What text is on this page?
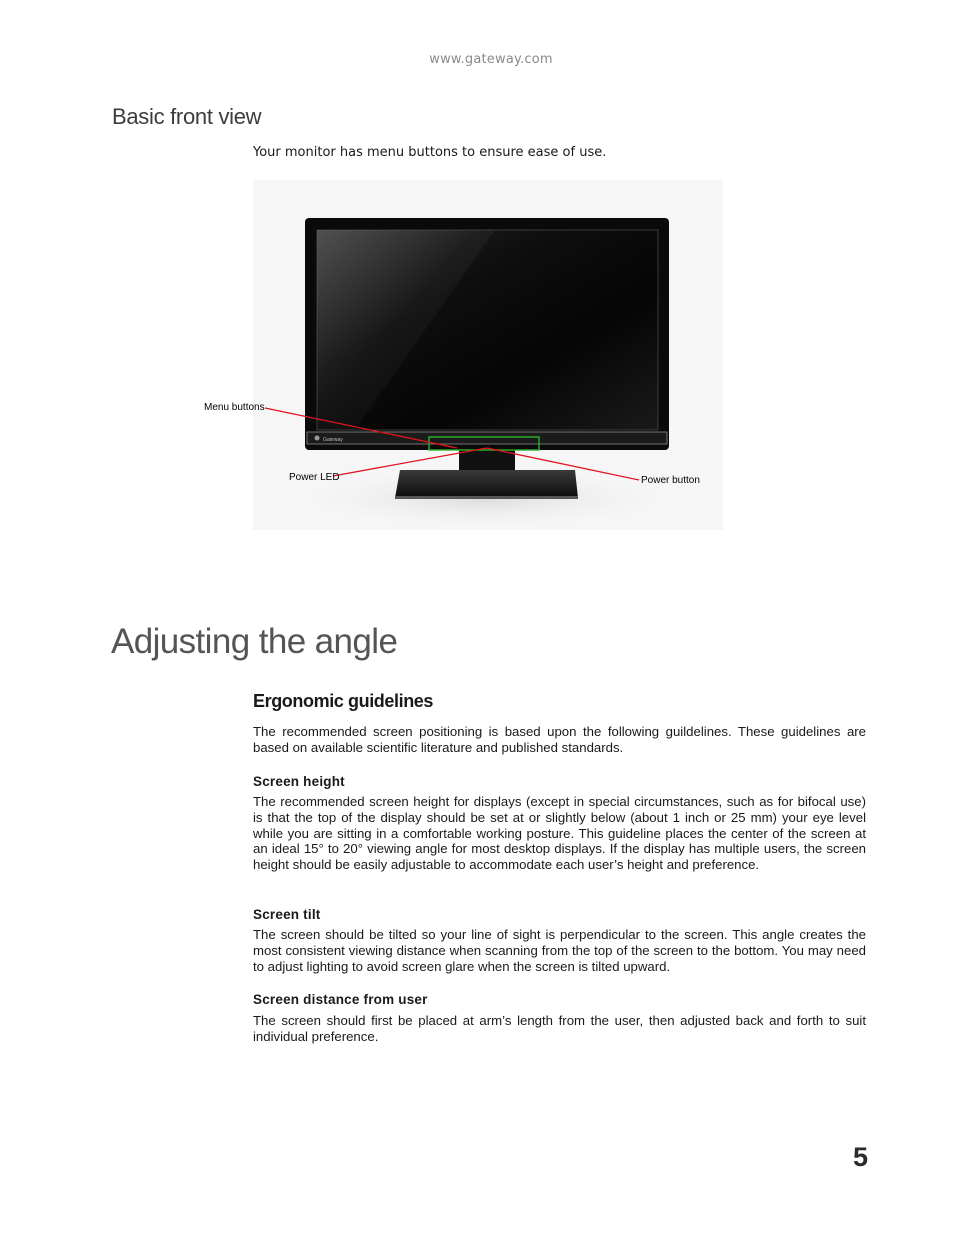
www.gateway.com
Basic front view
Your monitor has menu buttons to ensure ease of use.
Gateway
Menu buttons
Power LED	Power button
Adjusting the angle
Ergonomic guidelines

The recommended screen positioning is based upon the following guildelines. These guidelines are based on available scientific literature and published standards.

Screen height

The recommended screen height for displays (except in special circumstances, such as for bifocal use) is that the top of the display should be set at or slightly below (about 1 inch or 25 mm) your eye level while you are sitting in a comfortable working posture. This guideline places the center of the screen at an ideal 15° to 20° viewing angle for most desktop displays. If the display has multiple users, the screen height should be easily adjustable to accommodate each user’s height and preference.

Screen tilt

The screen should be tilted so your line of sight is perpendicular to the screen. This angle creates the most consistent viewing distance when scanning from the top of the screen to the bottom. You may need to adjust lighting to avoid screen glare when the screen is tilted upward.

Screen distance from user

The screen should first be placed at arm’s length from the user, then adjusted back and forth to suit individual preference.

5
